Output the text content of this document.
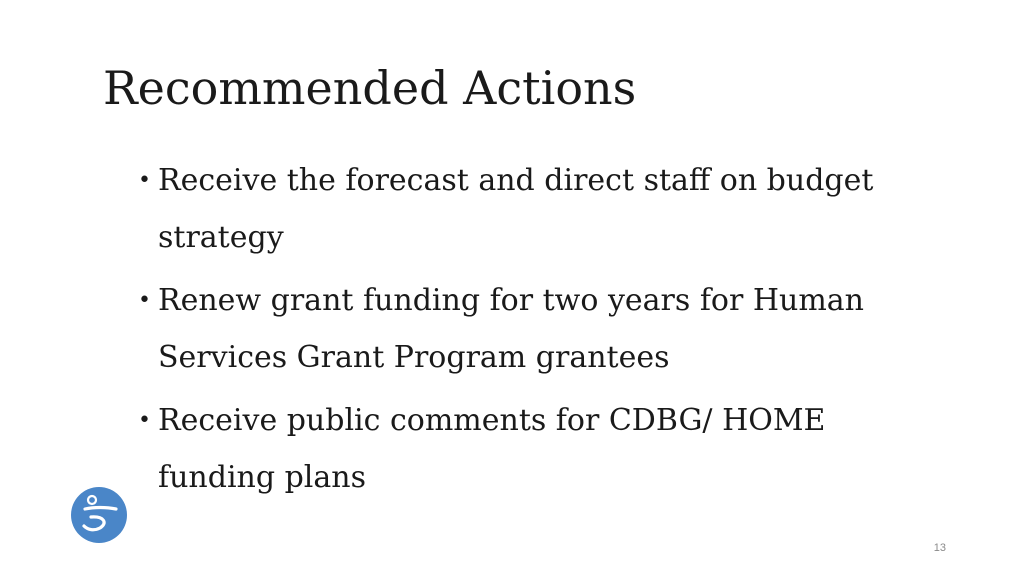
Recommended Actions
• Receive the forecast and direct staff on budget strategy
• Renew grant funding for two years for Human Services Grant Program grantees
• Receive public comments for CDBG/ HOME funding plans
13
